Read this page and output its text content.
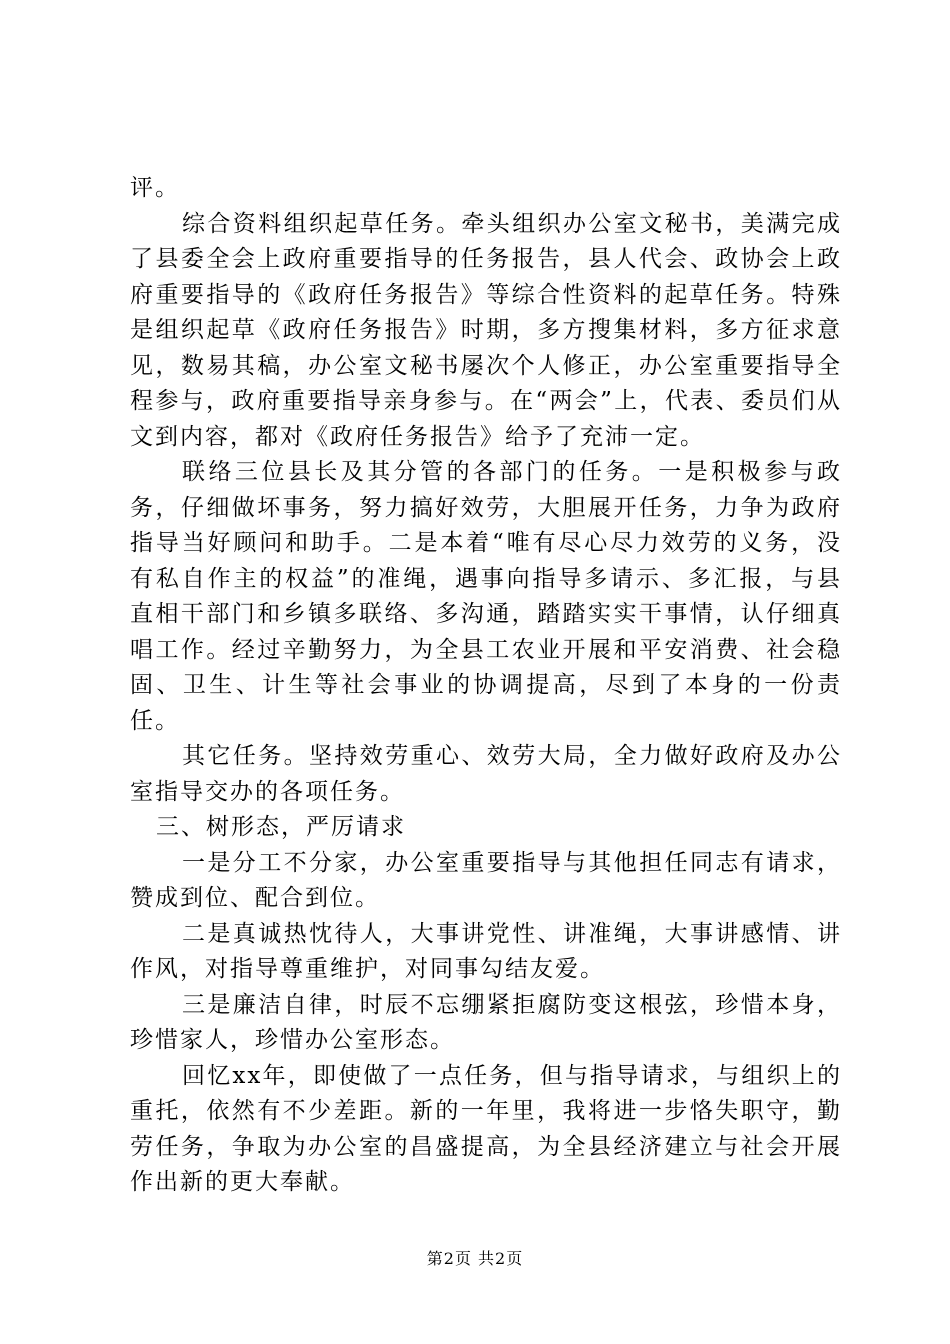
评。

综合资料组织起草任务。牵头组织办公室文秘书，美满完成了县委全会上政府重要指导的任务报告，县人代会、政协会上政府重要指导的《政府任务报告》等综合性资料的起草任务。特殊是组织起草《政府任务报告》时期，多方搜集材料，多方征求意见，数易其稿，办公室文秘书屡次个人修正，办公室重要指导全程参与，政府重要指导亲身参与。在“两会”上，代表、委员们从文到内容，都对《政府任务报告》给予了充沛一定。

联络三位县长及其分管的各部门的任务。一是积极参与政务，仔细做坏事务，努力搞好效劳，大胆展开任务，力争为政府指导当好顾问和助手。二是本着“唯有尽心尽力效劳的义务，没有私自作主的权益”的准绳，遇事向指导多请示、多汇报，与县直相干部门和乡镇多联络、多沟通，踏踏实实干事情，认仔细真唱工作。经过辛勤努力，为全县工农业开展和平安消费、社会稳固、卫生、计生等社会事业的协调提高，尽到了本身的一份责任。

其它任务。坚持效劳重心、效劳大局，全力做好政府及办公室指导交办的各项任务。

三、树形态，严厉请求

一是分工不分家，办公室重要指导与其他担任同志有请求，赞成到位、配合到位。

二是真诚热忱待人，大事讲党性、讲准绳，大事讲感情、讲作风，对指导尊重维护，对同事勾结友爱。

三是廉洁自律，时辰不忘绷紧拒腐防变这根弦，珍惜本身，珍惜家人，珍惜办公室形态。

回忆xx年，即使做了一点任务，但与指导请求，与组织上的重托，依然有不少差距。新的一年里，我将进一步恪失职守，勤劳任务，争取为办公室的昌盛提高，为全县经济建立与社会开展作出新的更大奉献。

第2页 共2页
